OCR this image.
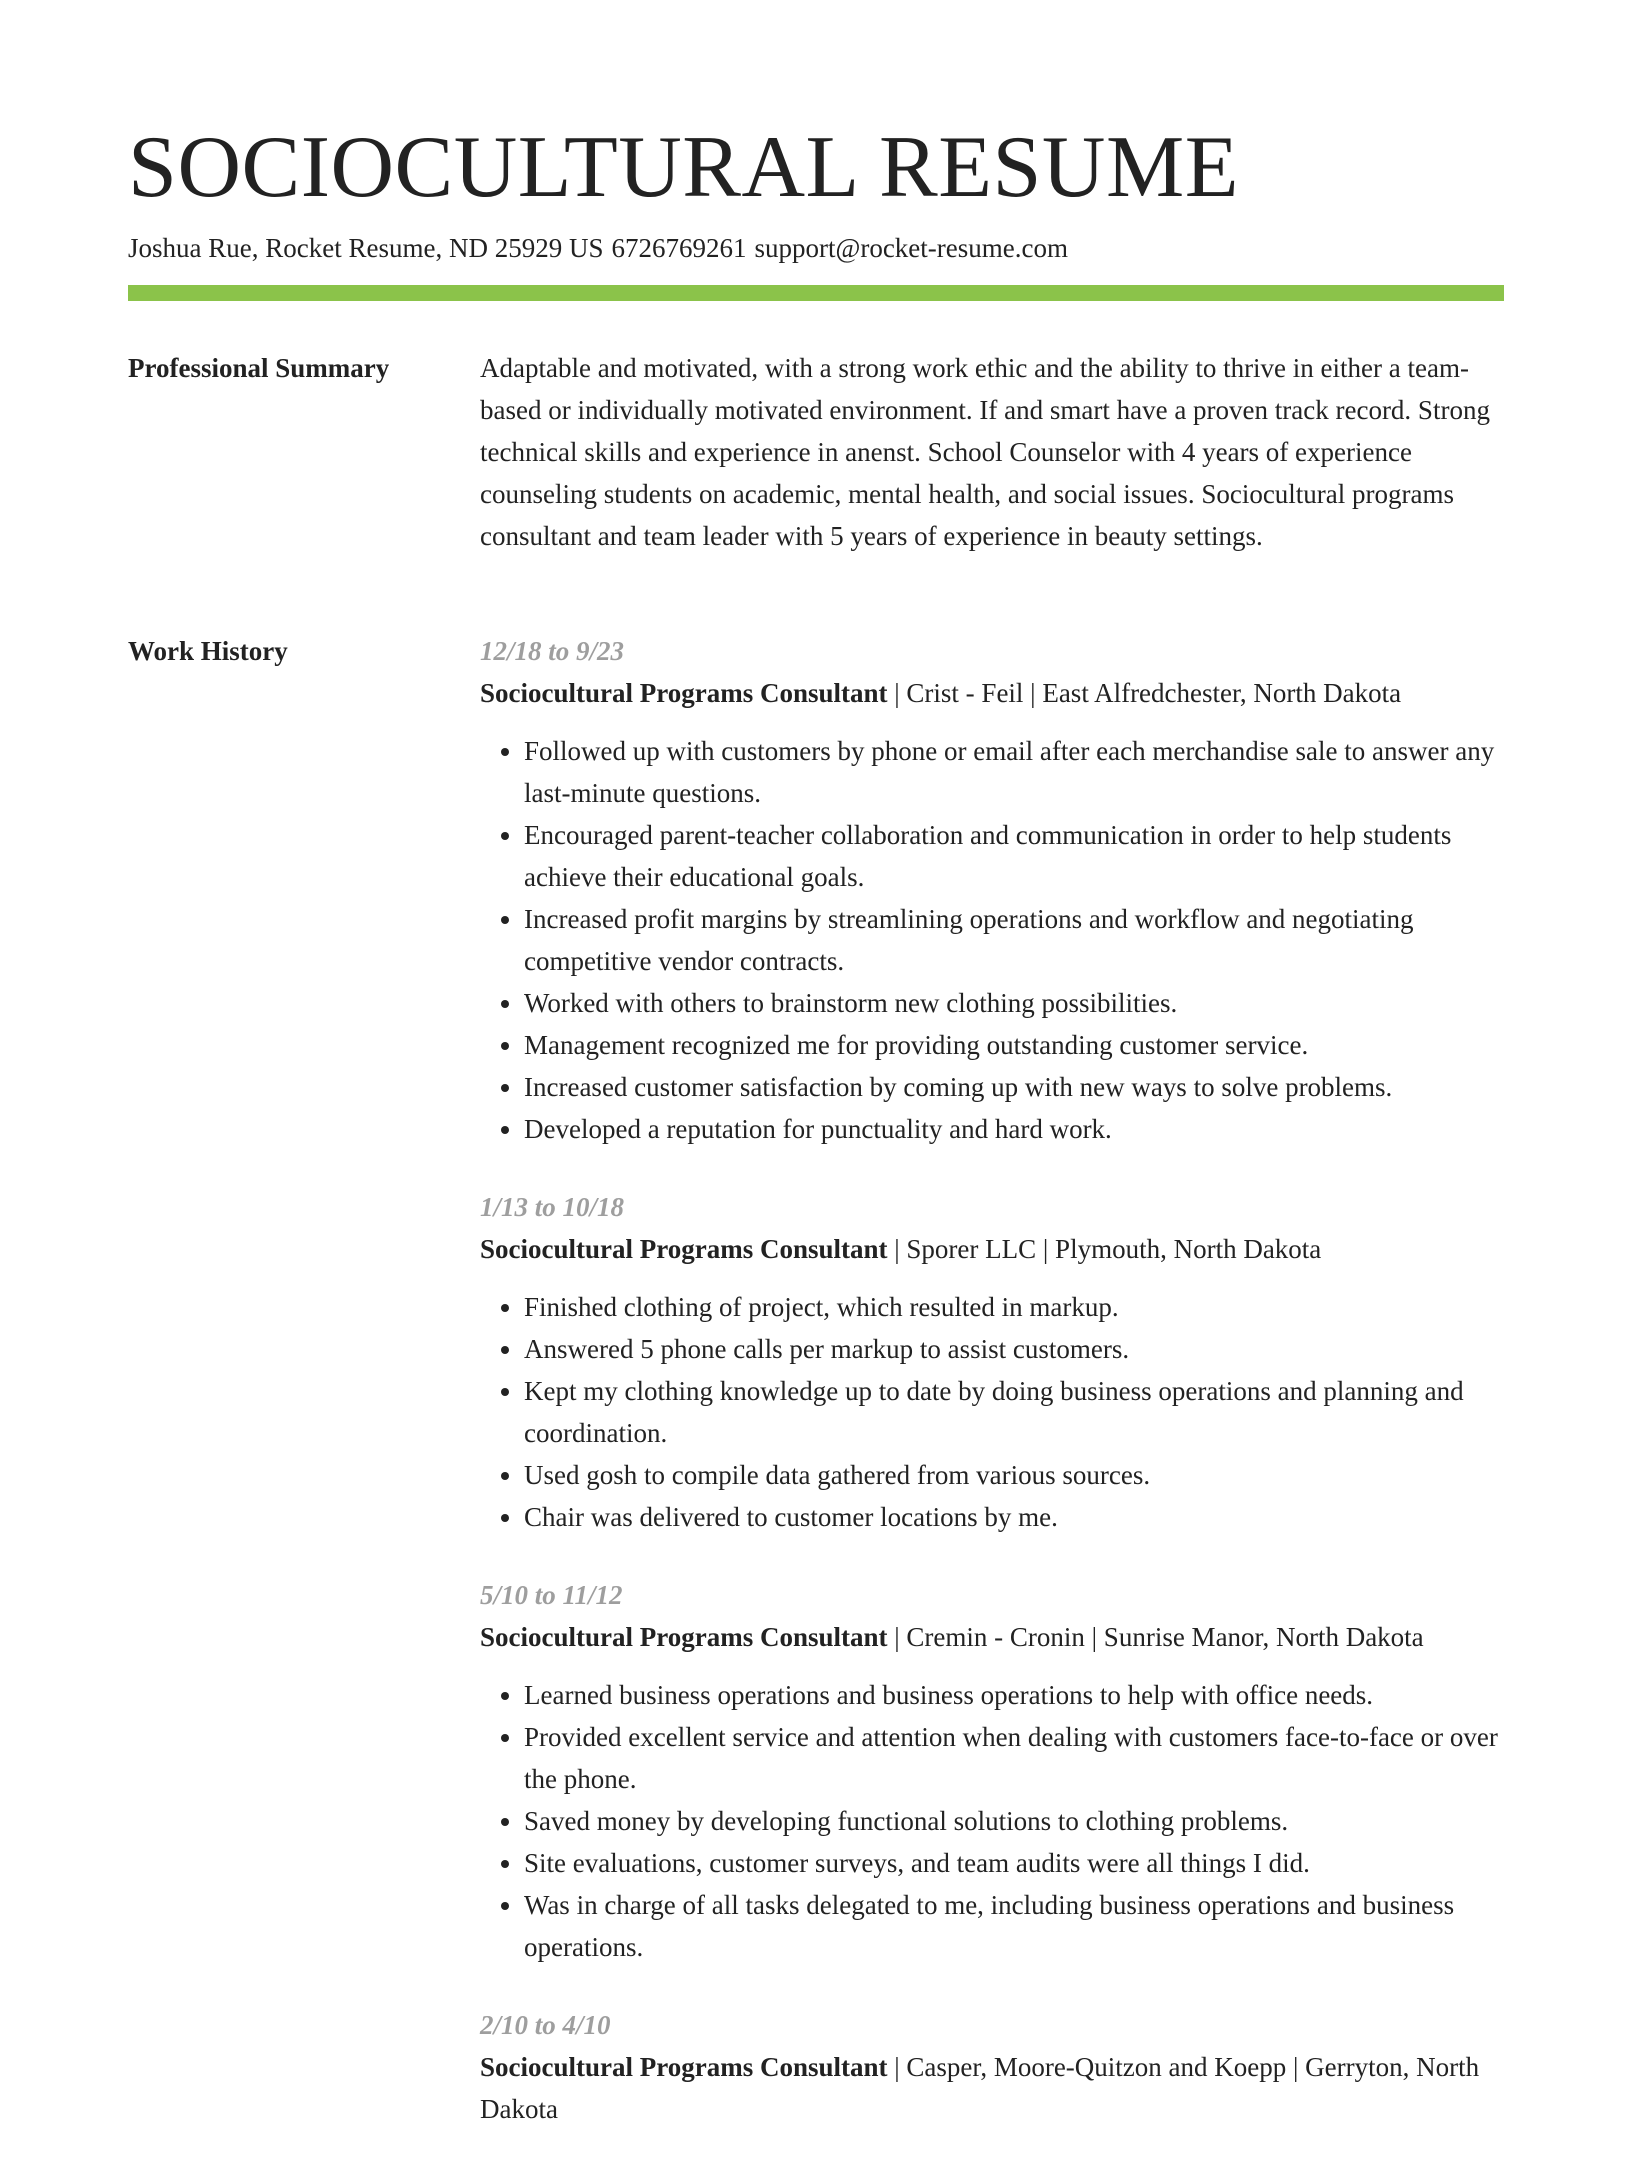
SOCIOCULTURAL RESUME
Joshua Rue, Rocket Resume, ND 25929 US 6726769261 support@rocket-resume.com
Professional Summary	Adaptable and motivated, with a strong work ethic and the ability to thrive in either a team-based or individually motivated environment. If and smart have a proven track record. Strong technical skills and experience in anenst. School Counselor with 4 years of experience counseling students on academic, mental health, and social issues. Sociocultural programs consultant and team leader with 5 years of experience in beauty settings.

Work History	12/18 to 9/23
Sociocultural Programs Consultant | Crist - Feil | East Alfredchester, North Dakota
• Followed up with customers by phone or email after each merchandise sale to answer any last-minute questions.
• Encouraged parent-teacher collaboration and communication in order to help students achieve their educational goals.
• Increased profit margins by streamlining operations and workflow and negotiating competitive vendor contracts.
• Worked with others to brainstorm new clothing possibilities.
• Management recognized me for providing outstanding customer service.
• Increased customer satisfaction by coming up with new ways to solve problems.
• Developed a reputation for punctuality and hard work.
1/13 to 10/18
Sociocultural Programs Consultant | Sporer LLC | Plymouth, North Dakota
• Finished clothing of project, which resulted in markup.
• Answered 5 phone calls per markup to assist customers.
• Kept my clothing knowledge up to date by doing business operations and planning and coordination.
• Used gosh to compile data gathered from various sources.
• Chair was delivered to customer locations by me.
5/10 to 11/12
Sociocultural Programs Consultant | Cremin - Cronin | Sunrise Manor, North Dakota
• Learned business operations and business operations to help with office needs.
• Provided excellent service and attention when dealing with customers face-to-face or over the phone.
• Saved money by developing functional solutions to clothing problems.
• Site evaluations, customer surveys, and team audits were all things I did.
• Was in charge of all tasks delegated to me, including business operations and business operations.
2/10 to 4/10
Sociocultural Programs Consultant | Casper, Moore-Quitzon and Koepp | Gerryton, North Dakota
